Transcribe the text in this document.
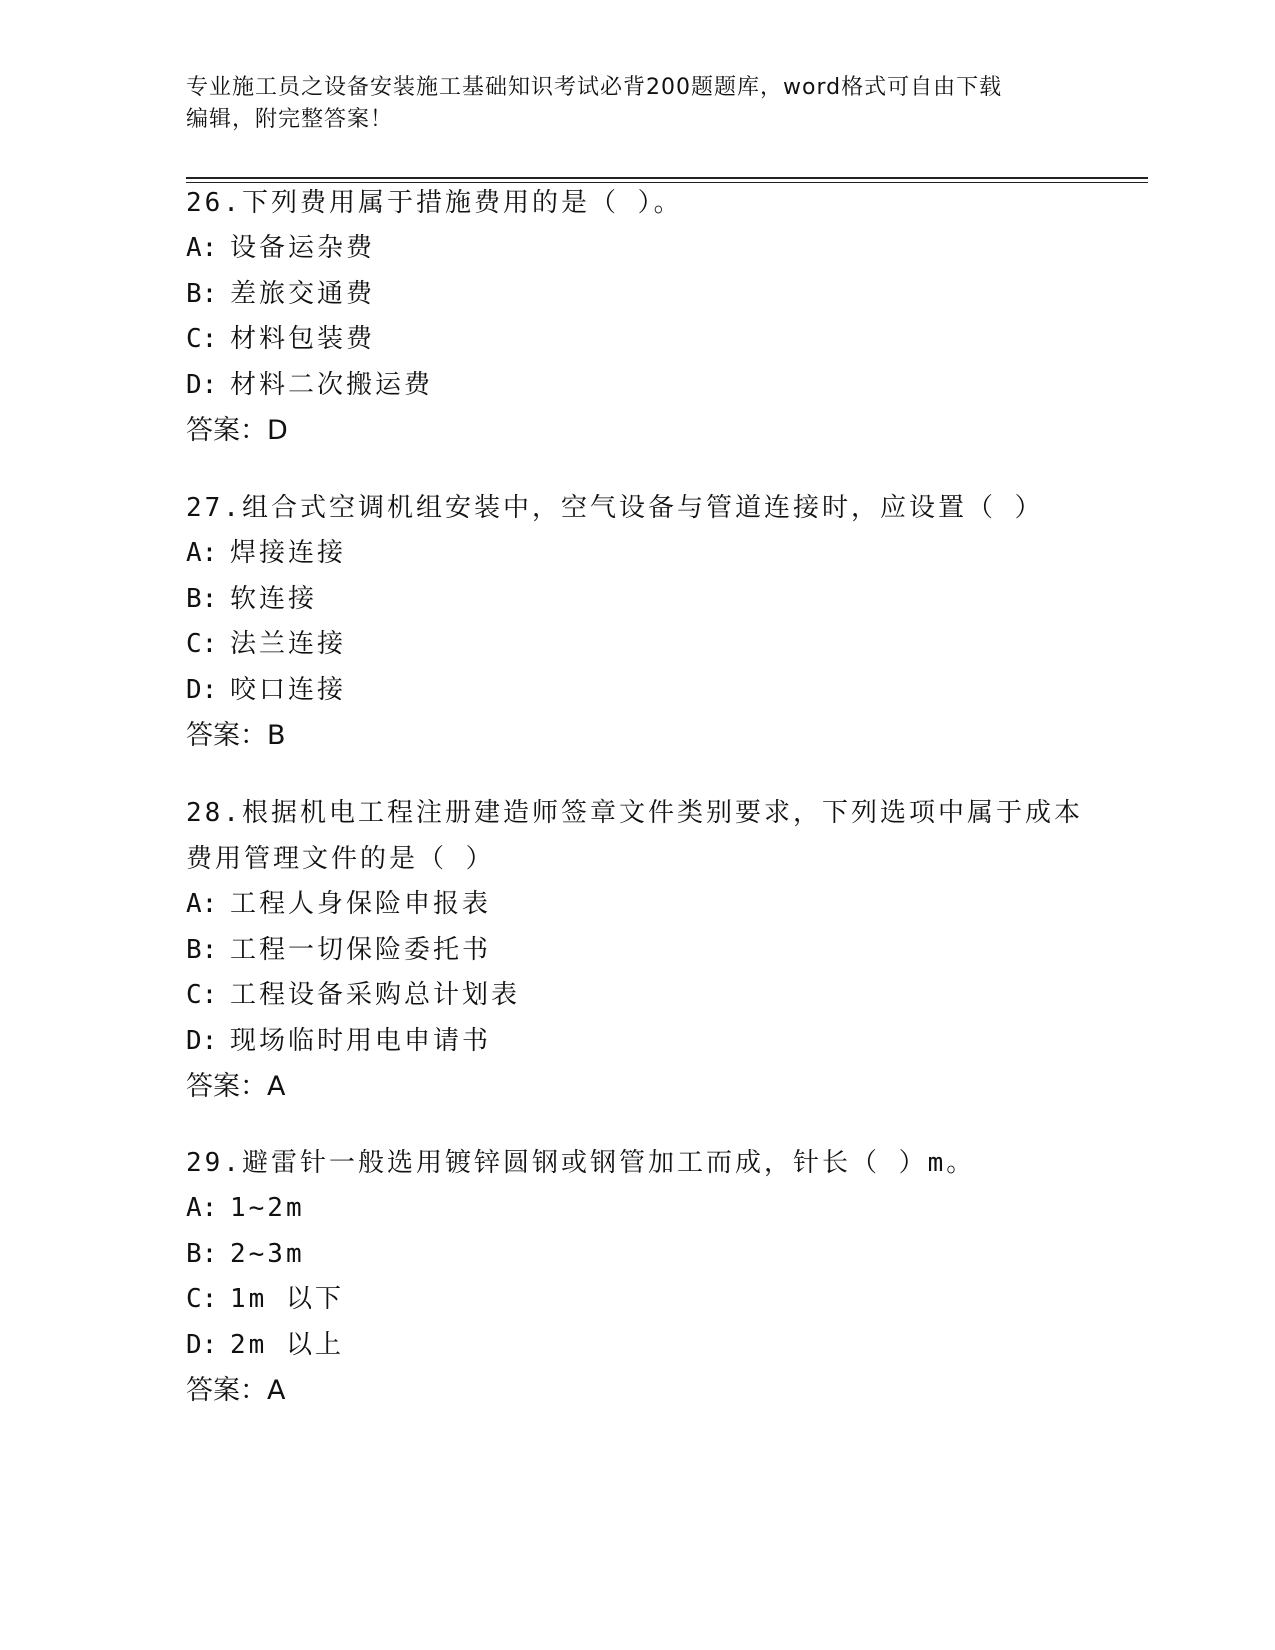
专业施工员之设备安装施工基础知识考试必背200题题库，word格式可自由下载
编辑，附完整答案！
26.下列费用属于措施费用的是（ ）。
A: 设备运杂费
B: 差旅交通费
C: 材料包装费
D: 材料二次搬运费
答案：D
27.组合式空调机组安装中，空气设备与管道连接时，应设置（ ）
A: 焊接连接
B: 软连接
C: 法兰连接
D: 咬口连接
答案：B
28.根据机电工程注册建造师签章文件类别要求，下列选项中属于成本
费用管理文件的是（ ）
A: 工程人身保险申报表
B: 工程一切保险委托书
C: 工程设备采购总计划表
D: 现场临时用电申请书
答案：A
29.避雷针一般选用镀锌圆钢或钢管加工而成，针长（ ）m。
A: 1~2m
B: 2~3m
C: 1m 以下
D: 2m 以上
答案：A
